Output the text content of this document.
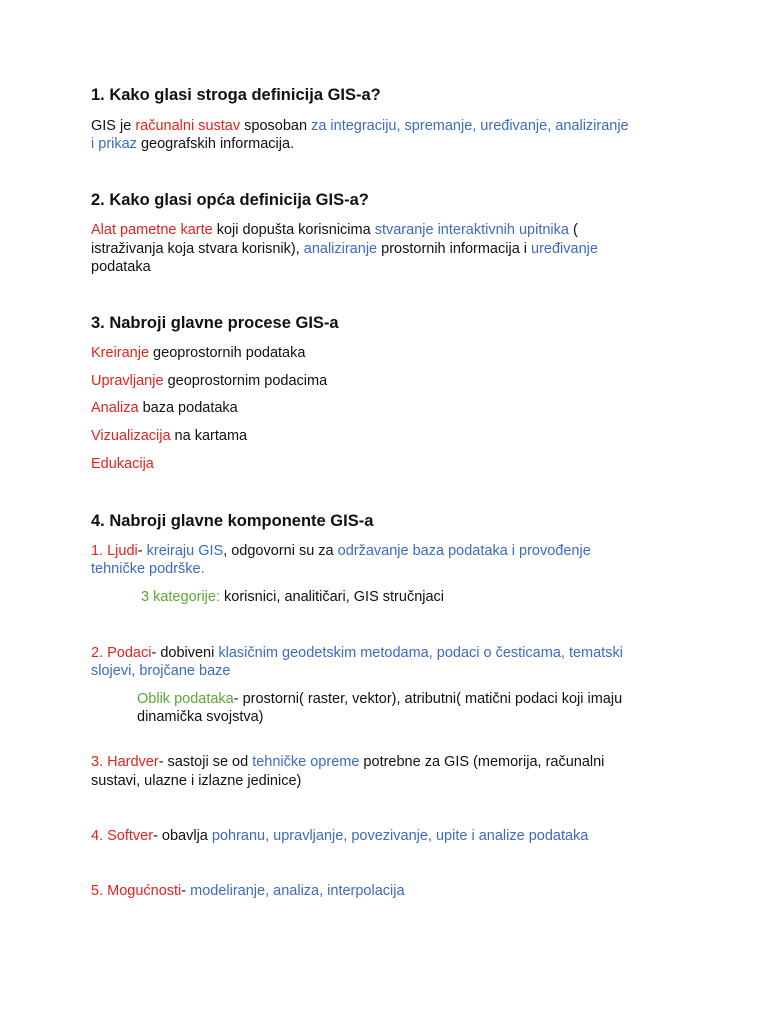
1. Kako glasi stroga definicija GIS-a?

GIS je računalni sustav sposoban za integraciju, spremanje, uređivanje, analiziranje

i prikaz geografskih informacija.

2. Kako glasi opća definicija GIS-a?

Alat pametne karte koji dopušta korisnicima stvaranje interaktivnih upitnika (

istraživanja koja stvara korisnik), analiziranje prostornih informacija i uređivanje

podataka

3. Nabroji glavne procese GIS-a

Kreiranje geoprostornih podataka

Upravljanje geoprostornim podacima

Analiza baza podataka

Vizualizacija na kartama

Edukacija

4. Nabroji glavne komponente GIS-a

1. Ljudi- kreiraju GIS, odgovorni su za održavanje baza podataka i provođenje

tehničke podrške.

3 kategorije: korisnici, analitičari, GIS stručnjaci

2. Podaci- dobiveni klasičnim geodetskim metodama, podaci o česticama, tematski

slojevi, brojčane baze

Oblik podataka- prostorni( raster, vektor), atributni( matični podaci koji imaju

dinamička svojstva)

3. Hardver- sastoji se od tehničke opreme potrebne za GIS (memorija, računalni

sustavi, ulazne i izlazne jedinice)

4. Softver- obavlja pohranu, upravljanje, povezivanje, upite i analize podataka

5. Mogućnosti- modeliranje, analiza, interpolacija
